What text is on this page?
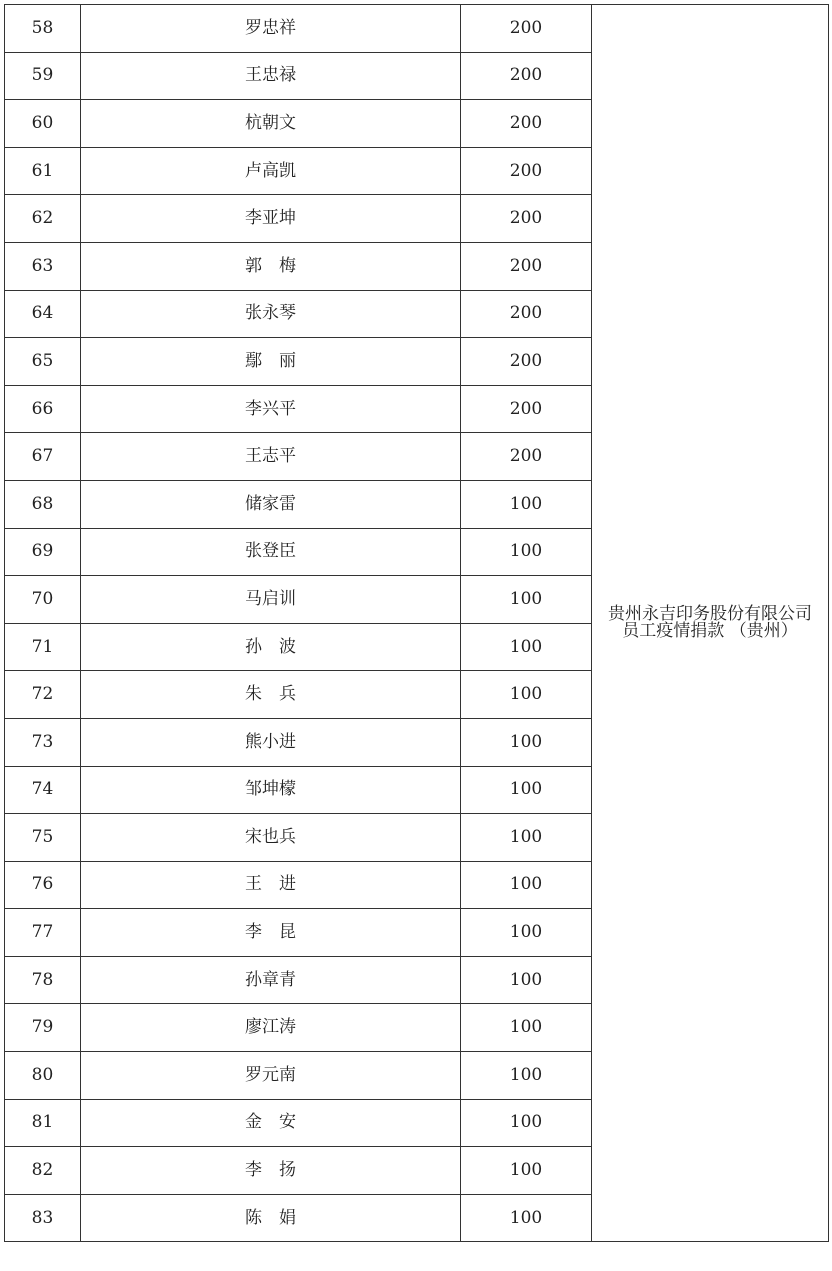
58	罗忠祥	200	贵州永吉印务股份有限公司
员工疫情捐款 （贵州）

59	王忠禄	200	
60	杭朝文	200	
61	卢高凯	200	
62	李亚坤	200	
63	郭　梅	200	
64	张永琴	200	
65	鄢　丽	200	
66	李兴平	200	
67	王志平	200	
68	储家雷	100	
69	张登臣	100	
70	马启训	100	
71	孙　波	100	
72	朱　兵	100	
73	熊小进	100	
74	邹坤檬	100	
75	宋也兵	100	
76	王　进	100	
77	李　昆	100	
78	孙章青	100	
79	廖江涛	100	
80	罗元南	100	
81	金　安	100	
82	李　扬	100	
83	陈　娟	100	
